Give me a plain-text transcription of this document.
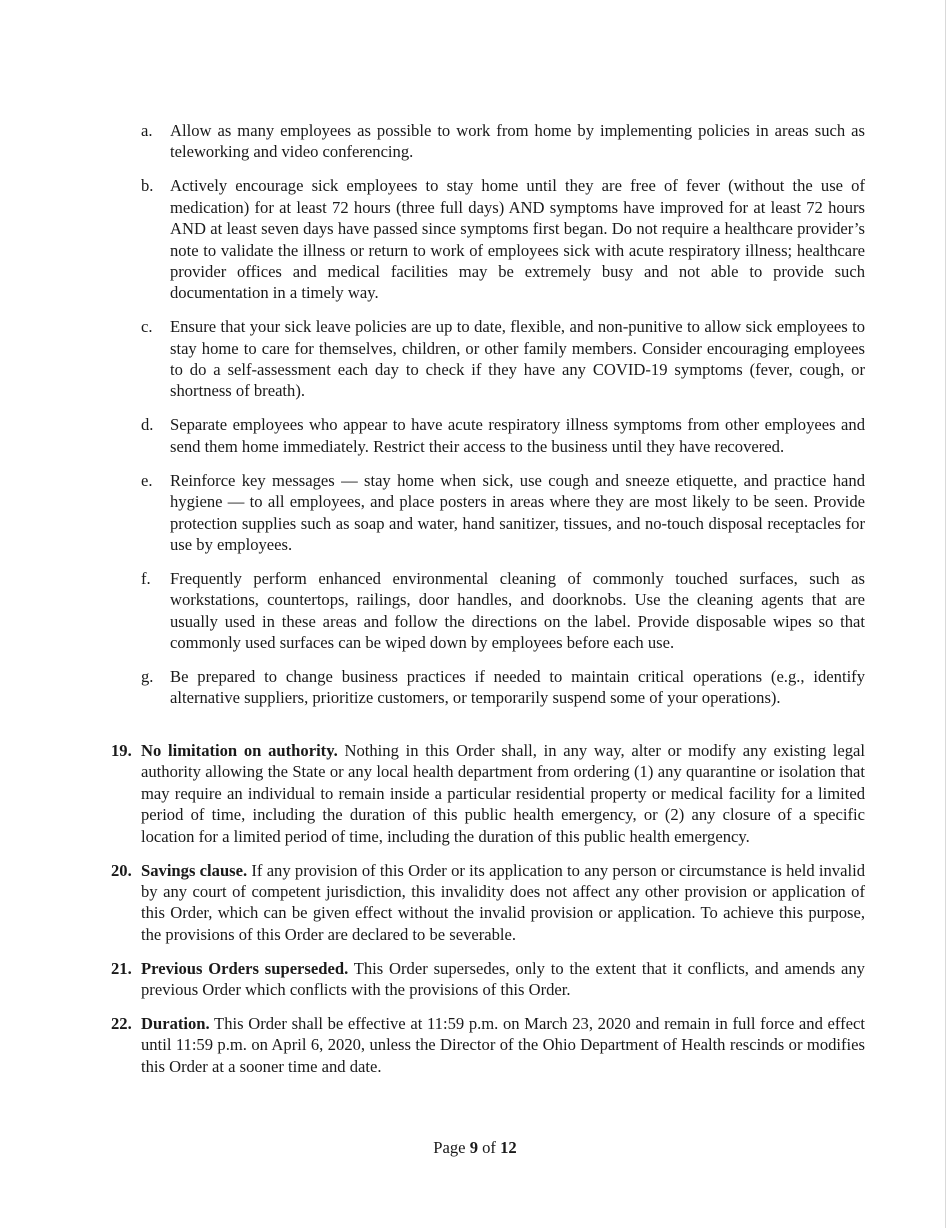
a.	Allow as many employees as possible to work from home by implementing policies in areas such as teleworking and video conferencing.
b. Actively encourage sick employees to stay home until they are free of fever (without the use of medication) for at least 72 hours (three full days) AND symptoms have improved for at least 72 hours AND at least seven days have passed since symptoms first began. Do not require a healthcare provider’s note to validate the illness or return to work of employees sick with acute respiratory illness; healthcare provider offices and medical facilities may be extremely busy and not able to provide such documentation in a timely way.
c.	Ensure that your sick leave policies are up to date, flexible, and non-punitive to allow sick employees to stay home to care for themselves, children, or other family members. Consider encouraging employees to do a self-assessment each day to check if they have any COVID-19 symptoms (fever, cough, or shortness of breath).
d. Separate employees who appear to have acute respiratory illness symptoms from other employees and send them home immediately. Restrict their access to the business until they have recovered.
e.	Reinforce key messages — stay home when sick, use cough and sneeze etiquette, and practice hand hygiene — to all employees, and place posters in areas where they are most likely to be seen. Provide protection supplies such as soap and water, hand sanitizer, tissues, and no-touch disposal receptacles for use by employees.
f.	Frequently perform enhanced environmental cleaning of commonly touched surfaces, such as workstations, countertops, railings, door handles, and doorknobs. Use the cleaning agents that are usually used in these areas and follow the directions on the label. Provide disposable wipes so that commonly used surfaces can be wiped down by employees before each use.
g. Be prepared to change business practices if needed to maintain critical operations (e.g., identify alternative suppliers, prioritize customers, or temporarily suspend some of your operations).
19. No limitation on authority. Nothing in this Order shall, in any way, alter or modify any existing legal authority allowing the State or any local health department from ordering (1) any quarantine or isolation that may require an individual to remain inside a particular residential property or medical facility for a limited period of time, including the duration of this public health emergency, or (2) any closure of a specific location for a limited period of time, including the duration of this public health emergency.
20. Savings clause. If any provision of this Order or its application to any person or circumstance is held invalid by any court of competent jurisdiction, this invalidity does not affect any other provision or application of this Order, which can be given effect without the invalid provision or application. To achieve this purpose, the provisions of this Order are declared to be severable.
21. Previous Orders superseded. This Order supersedes, only to the extent that it conflicts, and amends any previous Order which conflicts with the provisions of this Order.
22. Duration. This Order shall be effective at 11:59 p.m. on March 23, 2020 and remain in full force and effect until 11:59 p.m. on April 6, 2020, unless the Director of the Ohio Department of Health rescinds or modifies this Order at a sooner time and date.
Page 9 of 12
